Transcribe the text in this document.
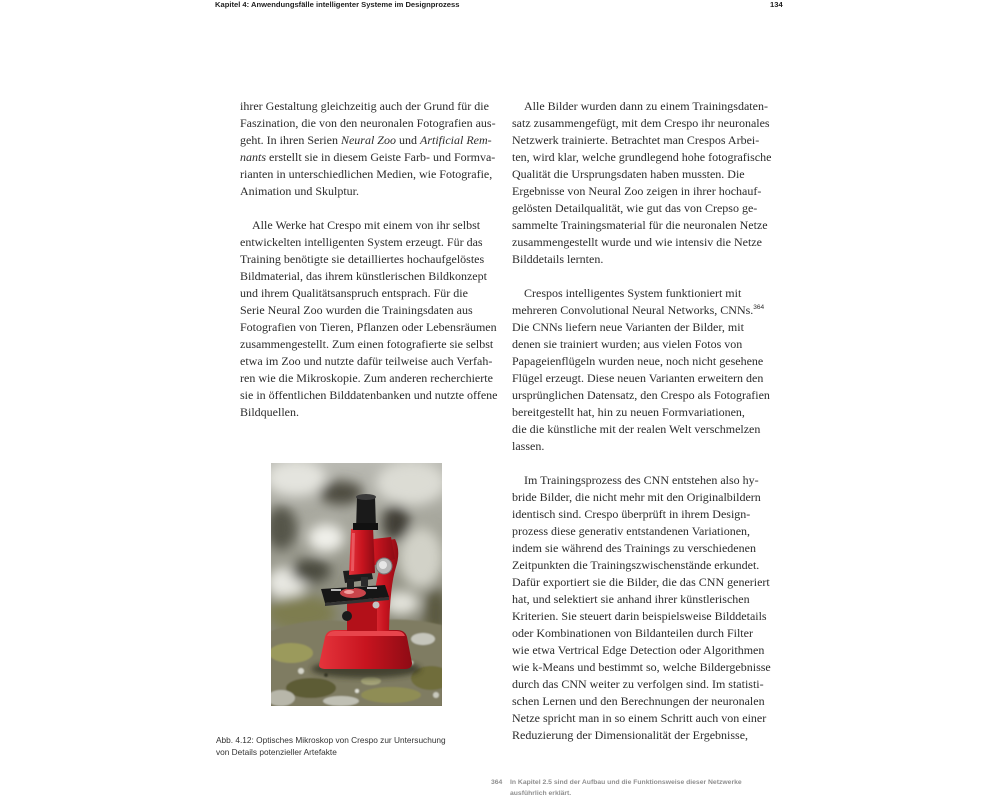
Kapitel 4: Anwendungsfälle intelligenter Systeme im Designprozess	134
ihrer Gestaltung gleichzeitig auch der Grund für die
Faszination, die von den neuronalen Fotografien aus-
geht. In ihren Serien Neural Zoo und Artificial Rem-
nants erstellt sie in diesem Geiste Farb- und Formva-
rianten in unterschiedlichen Medien, wie Fotografie,
Animation und Skulptur.
Alle Werke hat Crespo mit einem von ihr selbst
entwickelten intelligenten System erzeugt. Für das
Training benötigte sie detailliertes hochaufgelöstes
Bildmaterial, das ihrem künstlerischen Bildkonzept
und ihrem Qualitätsanspruch entsprach. Für die
Serie Neural Zoo wurden die Trainingsdaten aus
Fotografien von Tieren, Pflanzen oder Lebensräumen
zusammengestellt. Zum einen fotografierte sie selbst
etwa im Zoo und nutzte dafür teilweise auch Verfah-
ren wie die Mikroskopie. Zum anderen recherchierte
sie in öffentlichen Bilddatenbanken und nutzte offene
Bildquellen.
Alle Bilder wurden dann zu einem Trainingsdaten-
satz zusammengefügt, mit dem Crespo ihr neuronales
Netzwerk trainierte. Betrachtet man Crespos Arbei-
ten, wird klar, welche grundlegend hohe fotografische
Qualität die Ursprungsdaten haben mussten. Die
Ergebnisse von Neural Zoo zeigen in ihrer hochauf-
gelösten Detailqualität, wie gut das von Crepso ge-
sammelte Trainingsmaterial für die neuronalen Netze
zusammengestellt wurde und wie intensiv die Netze
Bilddetails lernten.
Crespos intelligentes System funktioniert mit
mehreren Convolutional Neural Networks, CNNs.$^{364}$
Die CNNs liefern neue Varianten der Bilder, mit
denen sie trainiert wurden; aus vielen Fotos von
Papageienflügeln wurden neue, noch nicht gesehene
Flügel erzeugt. Diese neuen Varianten erweitern den
ursprünglichen Datensatz, den Crespo als Fotografien
bereitgestellt hat, hin zu neuen Formvariationen,
die die künstliche mit der realen Welt verschmelzen
lassen.
Im Trainingsprozess des CNN entstehen also hy-
bride Bilder, die nicht mehr mit den Originalbildern
identisch sind. Crespo überprüft in ihrem Design-
prozess diese generativ entstandenen Variationen,
indem sie während des Trainings zu verschiedenen
Zeitpunkten die Trainingszwischenstände erkundet.
Dafür exportiert sie die Bilder, die das CNN generiert
hat, und selektiert sie anhand ihrer künstlerischen
Kriterien. Sie steuert darin beispielsweise Bilddetails
oder Kombinationen von Bildanteilen durch Filter
wie etwa Vertrical Edge Detection oder Algorithmen
wie k-Means und bestimmt so, welche Bildergebnisse
durch das CNN weiter zu verfolgen sind. Im statisti-
schen Lernen und den Berechnungen der neuronalen
Netze spricht man in so einem Schritt auch von einer
Reduzierung der Dimensionalität der Ergebnisse,
Abb. 4.12: Optisches Mikroskop von Crespo zur Untersuchung
von Details potenzieller Artefakte
364 In Kapitel 2.5 sind der Aufbau und die Funktionsweise dieser Netzwerke
ausführlich erklärt.
